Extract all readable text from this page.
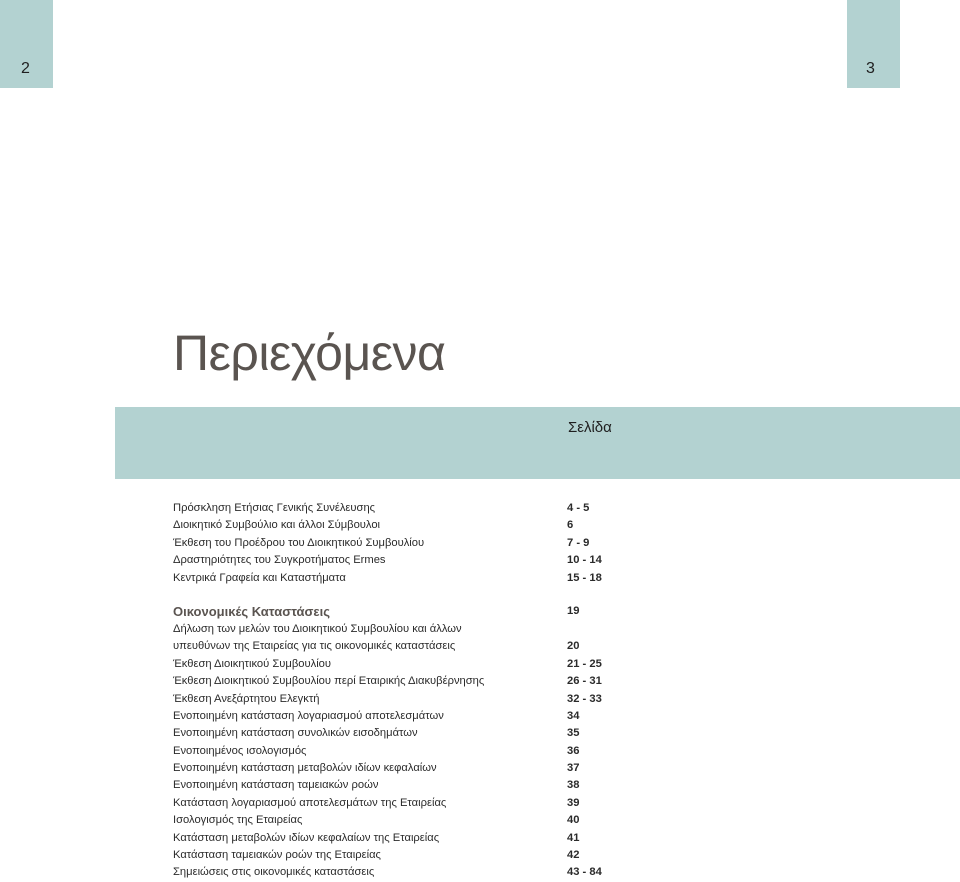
2	3
Περιεχόμενα
Σελίδα
Πρόσκληση Ετήσιας Γενικής Συνέλευσης	4 - 5
Διοικητικό Συμβούλιο και άλλοι Σύμβουλοι	6
Έκθεση του Προέδρου του Διοικητικού Συμβουλίου	7 - 9
Δραστηριότητες του Συγκροτήματος Ermes	10 - 14
Κεντρικά Γραφεία και Καταστήματα	15 - 18
Οικονομικές Καταστάσεις	19
Δήλωση των μελών του Διοικητικού Συμβουλίου και άλλων
υπευθύνων της Εταιρείας για τις οικονομικές καταστάσεις	20
Έκθεση Διοικητικού Συμβουλίου	21 - 25
Έκθεση Διοικητικού Συμβουλίου περί Εταιρικής Διακυβέρνησης	26 - 31
Έκθεση Ανεξάρτητου Ελεγκτή	32 - 33
Ενοποιημένη κατάσταση λογαριασμού αποτελεσμάτων	34
Ενοποιημένη κατάσταση συνολικών εισοδημάτων	35
Ενοποιημένος ισολογισμός	36
Ενοποιημένη κατάσταση μεταβολών ιδίων κεφαλαίων	37
Ενοποιημένη κατάσταση ταμειακών ροών	38
Κατάσταση λογαριασμού αποτελεσμάτων της Εταιρείας	39
Ισολογισμός της Εταιρείας	40
Κατάσταση μεταβολών ιδίων κεφαλαίων της Εταιρείας	41
Κατάσταση ταμειακών ροών της Εταιρείας	42
Σημειώσεις στις οικονομικές καταστάσεις	43 - 84
